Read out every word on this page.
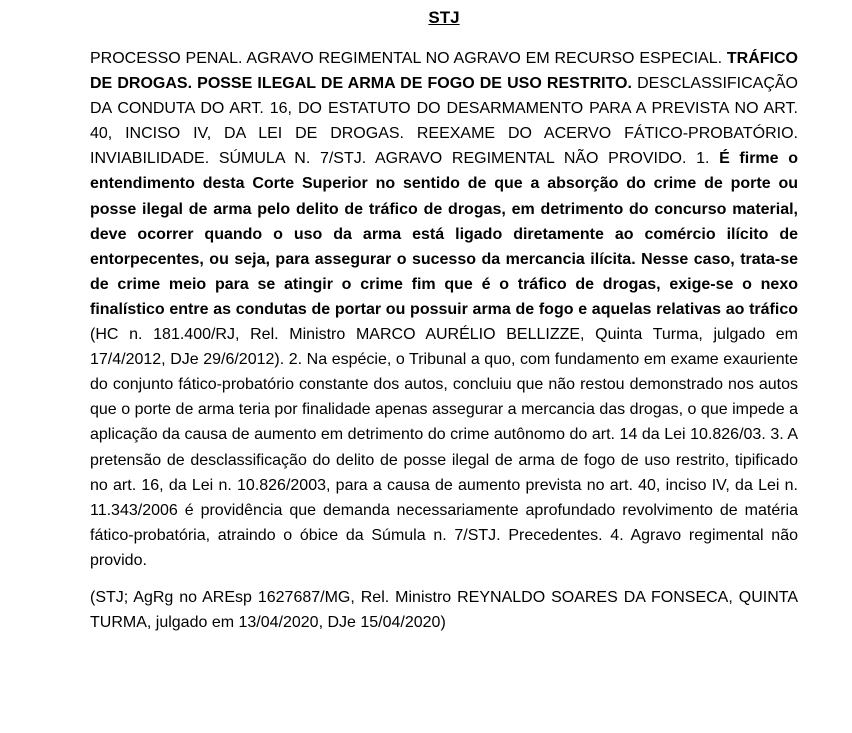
STJ

PROCESSO PENAL. AGRAVO REGIMENTAL NO AGRAVO EM RECURSO ESPECIAL. TRÁFICO DE DROGAS. POSSE ILEGAL DE ARMA DE FOGO DE USO RESTRITO. DESCLASSIFICAÇÃO DA CONDUTA DO ART. 16, DO ESTATUTO DO DESARMAMENTO PARA A PREVISTA NO ART. 40, INCISO IV, DA LEI DE DROGAS. REEXAME DO ACERVO FÁTICO-PROBATÓRIO. INVIABILIDADE. SÚMULA N. 7/STJ. AGRAVO REGIMENTAL NÃO PROVIDO. 1. É firme o entendimento desta Corte Superior no sentido de que a absorção do crime de porte ou posse ilegal de arma pelo delito de tráfico de drogas, em detrimento do concurso material, deve ocorrer quando o uso da arma está ligado diretamente ao comércio ilícito de entorpecentes, ou seja, para assegurar o sucesso da mercancia ilícita. Nesse caso, trata-se de crime meio para se atingir o crime fim que é o tráfico de drogas, exige-se o nexo finalístico entre as condutas de portar ou possuir arma de fogo e aquelas relativas ao tráfico (HC n. 181.400/RJ, Rel. Ministro MARCO AURÉLIO BELLIZZE, Quinta Turma, julgado em 17/4/2012, DJe 29/6/2012). 2. Na espécie, o Tribunal a quo, com fundamento em exame exauriente do conjunto fático-probatório constante dos autos, concluiu que não restou demonstrado nos autos que o porte de arma teria por finalidade apenas assegurar a mercancia das drogas, o que impede a aplicação da causa de aumento em detrimento do crime autônomo do art. 14 da Lei 10.826/03. 3. A pretensão de desclassificação do delito de posse ilegal de arma de fogo de uso restrito, tipificado no art. 16, da Lei n. 10.826/2003, para a causa de aumento prevista no art. 40, inciso IV, da Lei n. 11.343/2006 é providência que demanda necessariamente aprofundado revolvimento de matéria fático-probatória, atraindo o óbice da Súmula n. 7/STJ. Precedentes. 4. Agravo regimental não provido.

(STJ; AgRg no AREsp 1627687/MG, Rel. Ministro REYNALDO SOARES DA FONSECA, QUINTA TURMA, julgado em 13/04/2020, DJe 15/04/2020)
